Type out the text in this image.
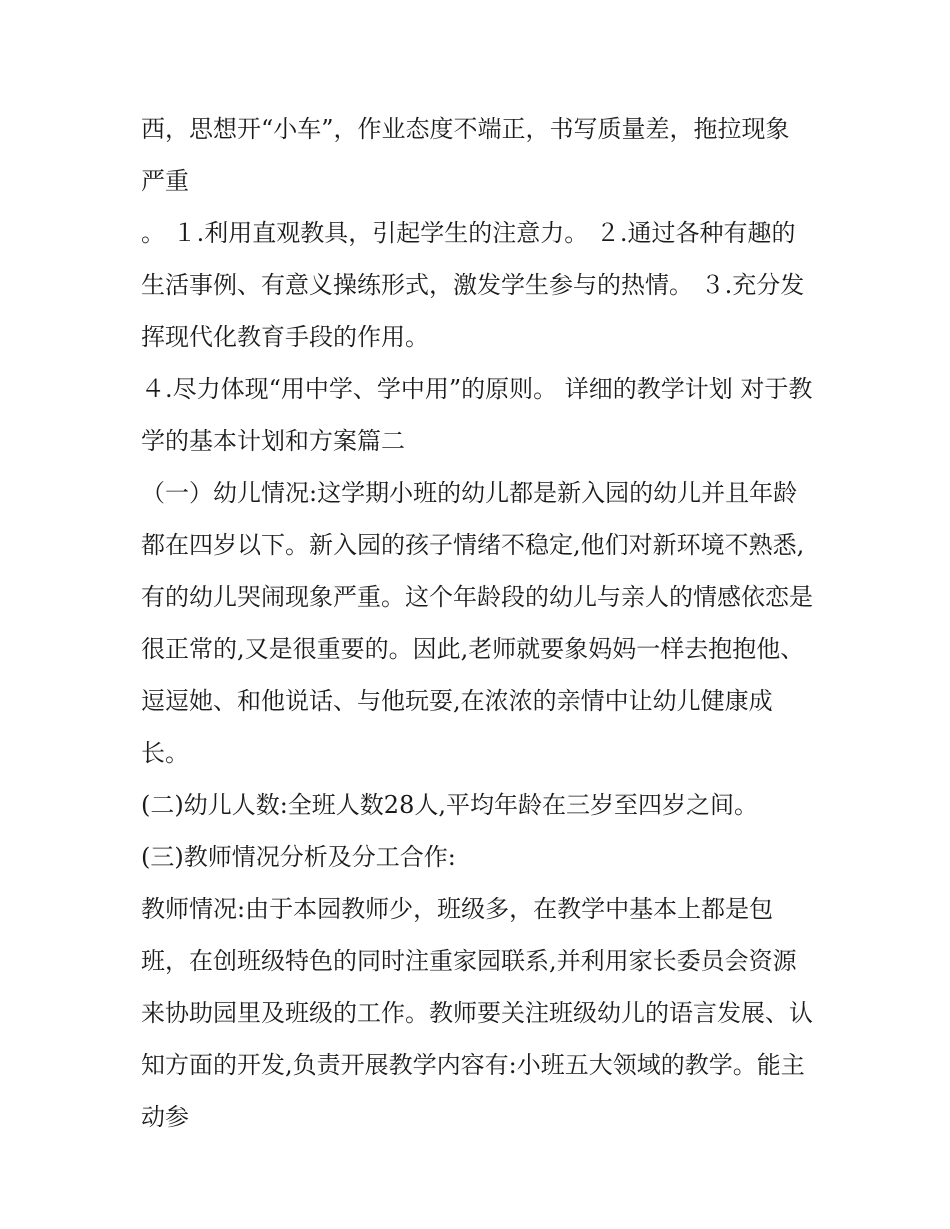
西，思想开“小车”，作业态度不端正，书写质量差，拖拉现象严重

。 １.利用直观教具，引起学生的注意力。 ２.通过各种有趣的生活事例、有意义操练形式，激发学生参与的热情。 ３.充分发挥现代化教育手段的作用。

４.尽力体现“用中学、学中用”的原则。 详细的教学计划 对于教学的基本计划和方案篇二

（一）幼儿情况:这学期小班的幼儿都是新入园的幼儿并且年龄都在四岁以下。新入园的孩子情绪不稳定,他们对新环境不熟悉,有的幼儿哭闹现象严重。这个年龄段的幼儿与亲人的情感依恋是很正常的,又是很重要的。因此,老师就要象妈妈一样去抱抱他、逗逗她、和他说话、与他玩耍,在浓浓的亲情中让幼儿健康成长。

(二)幼儿人数:全班人数28人,平均年龄在三岁至四岁之间。

(三)教师情况分析及分工合作:

教师情况:由于本园教师少，班级多，在教学中基本上都是包班，在创班级特色的同时注重家园联系,并利用家长委员会资源来协助园里及班级的工作。教师要关注班级幼儿的语言发展、认知方面的开发,负责开展教学内容有:小班五大领域的教学。能主动参
